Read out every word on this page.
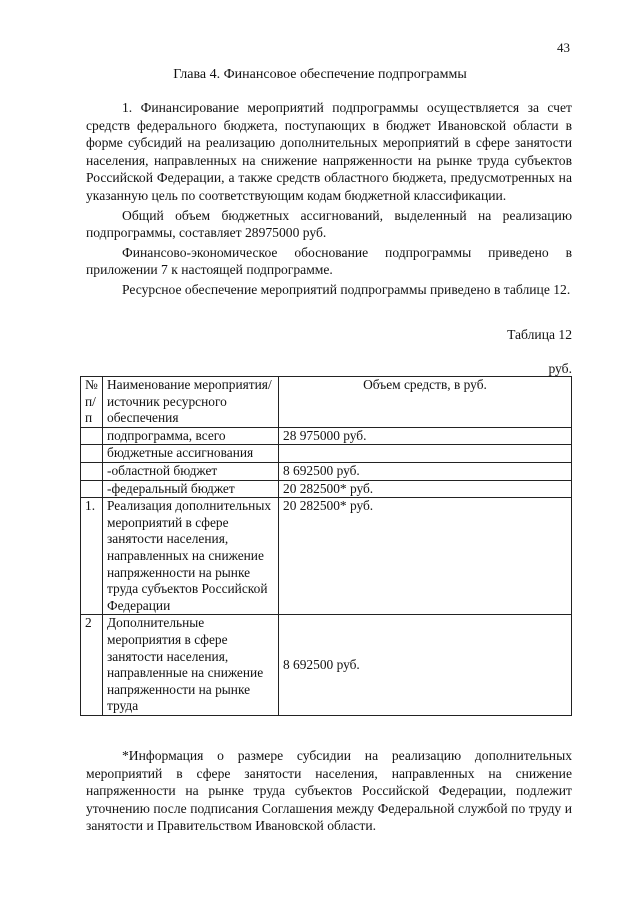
43
Глава 4. Финансовое обеспечение подпрограммы

1. Финансирование мероприятий подпрограммы осуществляется за счет средств федерального бюджета, поступающих в бюджет Ивановской области в форме субсидий на реализацию дополнительных мероприятий в сфере занятости населения, направленных на снижение напряженности на рынке труда субъектов Российской Федерации, а также средств областного бюджета, предусмотренных на указанную цель по соответствующим кодам бюджетной классификации.

Общий объем бюджетных ассигнований, выделенный на реализацию подпрограммы, составляет 28975000 руб.

Финансово-экономическое обоснование подпрограммы приведено в приложении 7 к настоящей подпрограмме.

Ресурсное обеспечение мероприятий подпрограммы приведено в таблице 12.

Таблица 12
руб.
№ п/п	Наименование мероприятия/ источник ресурсного обеспечения	Объем средств, в руб.
	подпрограмма, всего	28 975000 руб.
	бюджетные ассигнования	
	-областной бюджет	8 692500 руб.
	-федеральный бюджет	20 282500* руб.
1.	Реализация дополнительных мероприятий в сфере занятости населения, направленных на снижение напряженности на рынке труда субъектов Российской Федерации	20 282500* руб.
2	Дополнительные мероприятия в сфере занятости населения, направленные на снижение напряженности на рынке труда	8 692500 руб.

*Информация о размере субсидии на реализацию дополнительных мероприятий в сфере занятости населения, направленных на снижение напряженности на рынке труда субъектов Российской Федерации, подлежит уточнению после подписания Соглашения между Федеральной службой по труду и занятости и Правительством Ивановской области.
